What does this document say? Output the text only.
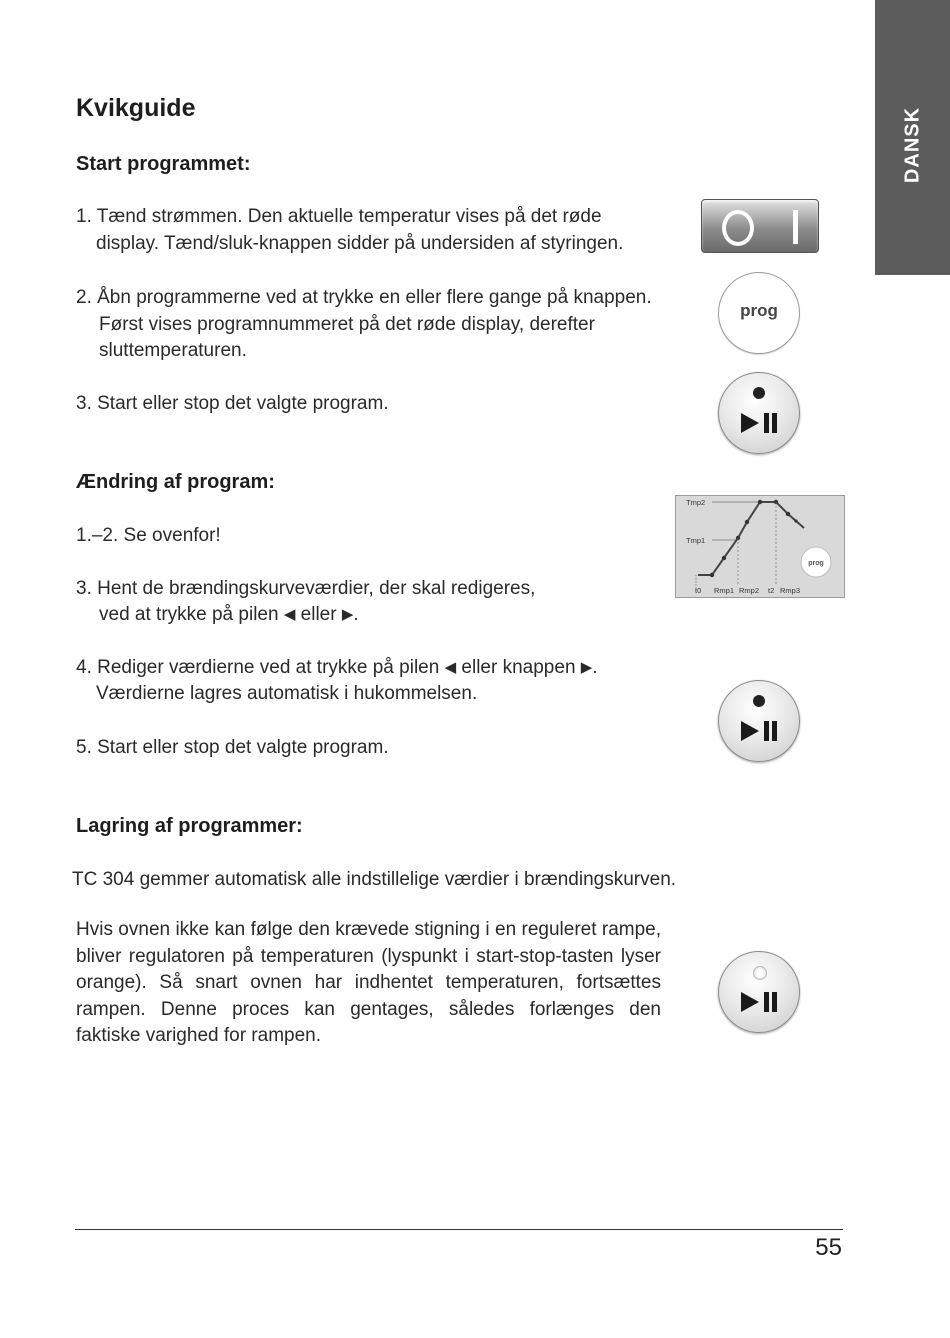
DANSK
Kvikguide
Start programmet:

1. Tænd strømmen. Den aktuelle temperatur vises på det røde

display. Tænd/sluk-knappen sidder på undersiden af styringen.

2. Åbn programmerne ved at trykke en eller flere gange på knappen.

Først vises programnummeret på det røde display, derefter

sluttemperaturen.

3. Start eller stop det valgte program.

prog
Ændring af program:

1.–2. Se ovenfor!

3. Hent de brændingskurveværdier, der skal redigeres,

ved at trykke på pilen ◀ eller ▶.

4. Rediger værdierne ved at trykke på pilen ◀ eller knappen ▶.

Værdierne lagres automatisk i hukommelsen.

5. Start eller stop det valgte program.

prog
Tmp2
Tmp1
t0 Rmp1 Rmp2 t2 Rmp3
Lagring af programmer:

TC 304 gemmer automatisk alle indstillelige værdier i brændingskurven.

Hvis ovnen ikke kan følge den krævede stigning i en reguleret rampe, bliver regulatoren på temperaturen (lyspunkt i start-stop-tasten lyser orange). Så snart ovnen har indhentet temperaturen, fortsættes rampen. Denne proces kan gentages, således forlænges den faktiske varighed for rampen.

55
